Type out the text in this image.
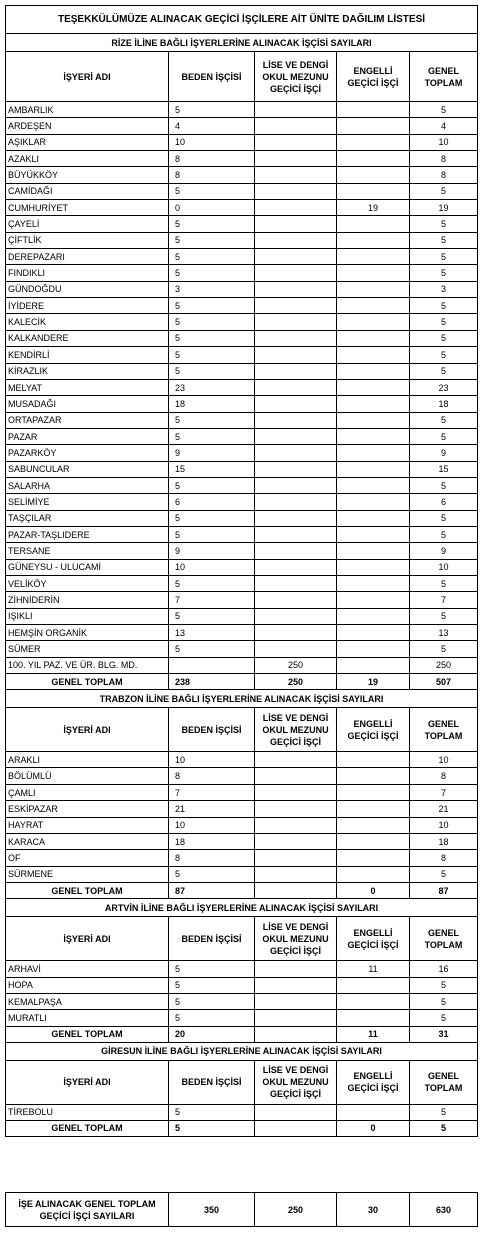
TEŞEKKÜLÜMÜZE ALINACAK GEÇİCİ İŞÇİLERE AİT ÜNİTE DAĞILIM LİSTESİ				
RİZE İLİNE BAĞLI İŞYERLERİNE ALINACAK İŞÇİSİ SAYILARI				
İŞYERİ ADI	BEDEN İŞÇİSİ	LİSE VE DENGİ OKUL MEZUNU GEÇİCİ İŞÇİ	ENGELLİ GEÇİCİ İŞÇİ	GENEL TOPLAM
AMBARLIK	5			5
ARDEŞEN	4			4
AŞIKLAR	10			10
AZAKLI	8			8
BÜYÜKKÖY	8			8
CAMİDAĞI	5			5
CUMHURİYET	0		19	19
ÇAYELİ	5			5
ÇİFTLİK	5			5
DEREPAZARI	5			5
FINDIKLI	5			5
GÜNDOĞDU	3			3
İYİDERE	5			5
KALECİK	5			5
KALKANDERE	5			5
KENDİRLİ	5			5
KİRAZLIK	5			5
MELYAT	23			23
MUSADAĞI	18			18
ORTAPAZAR	5			5
PAZAR	5			5
PAZARKÖY	9			9
SABUNCULAR	15			15
SALARHA	5			5
SELİMİYE	6			6
TAŞÇILAR	5			5
PAZAR-TAŞLIDERE	5			5
TERSANE	9			9
GÜNEYSU - ULUCAMİ	10			10
VELİKÖY	5			5
ZİHNİDERİN	7			7
IŞIKLI	5			5
HEMŞİN ORGANİK	13			13
SÜMER	5			5
100. YIL PAZ. VE ÜR. BLG. MD.		250		250
GENEL TOPLAM	238	250	19	507
TRABZON İLİNE BAĞLI İŞYERLERİNE ALINACAK İŞÇİSİ SAYILARI				
İŞYERİ ADI	BEDEN İŞÇİSİ	LİSE VE DENGİ OKUL MEZUNU GEÇİCİ İŞÇİ	ENGELLİ GEÇİCİ İŞÇİ	GENEL TOPLAM
ARAKLI	10			10
BÖLÜMLÜ	8			8
ÇAMLI	7			7
ESKİPAZAR	21			21
HAYRAT	10			10
KARACA	18			18
OF	8			8
SÜRMENE	5			5
GENEL TOPLAM	87		0	87
ARTVİN İLİNE BAĞLI İŞYERLERİNE ALINACAK İŞÇİSİ SAYILARI				
İŞYERİ ADI	BEDEN İŞÇİSİ	LİSE VE DENGİ OKUL MEZUNU GEÇİCİ İŞÇİ	ENGELLİ GEÇİCİ İŞÇİ	GENEL TOPLAM
ARHAVİ	5		11	16
HOPA	5			5
KEMALPAŞA	5			5
MURATLI	5			5
GENEL TOPLAM	20		11	31
GİRESUN İLİNE BAĞLI İŞYERLERİNE ALINACAK İŞÇİSİ SAYILARI				
İŞYERİ ADI	BEDEN İŞÇİSİ	LİSE VE DENGİ OKUL MEZUNU GEÇİCİ İŞÇİ	ENGELLİ GEÇİCİ İŞÇİ	GENEL TOPLAM
TİREBOLU	5			5
GENEL TOPLAM	5		0	5
İŞE ALINACAK GENEL TOPLAM GEÇİCİ İŞÇİ SAYILARI	350	250	30	630
